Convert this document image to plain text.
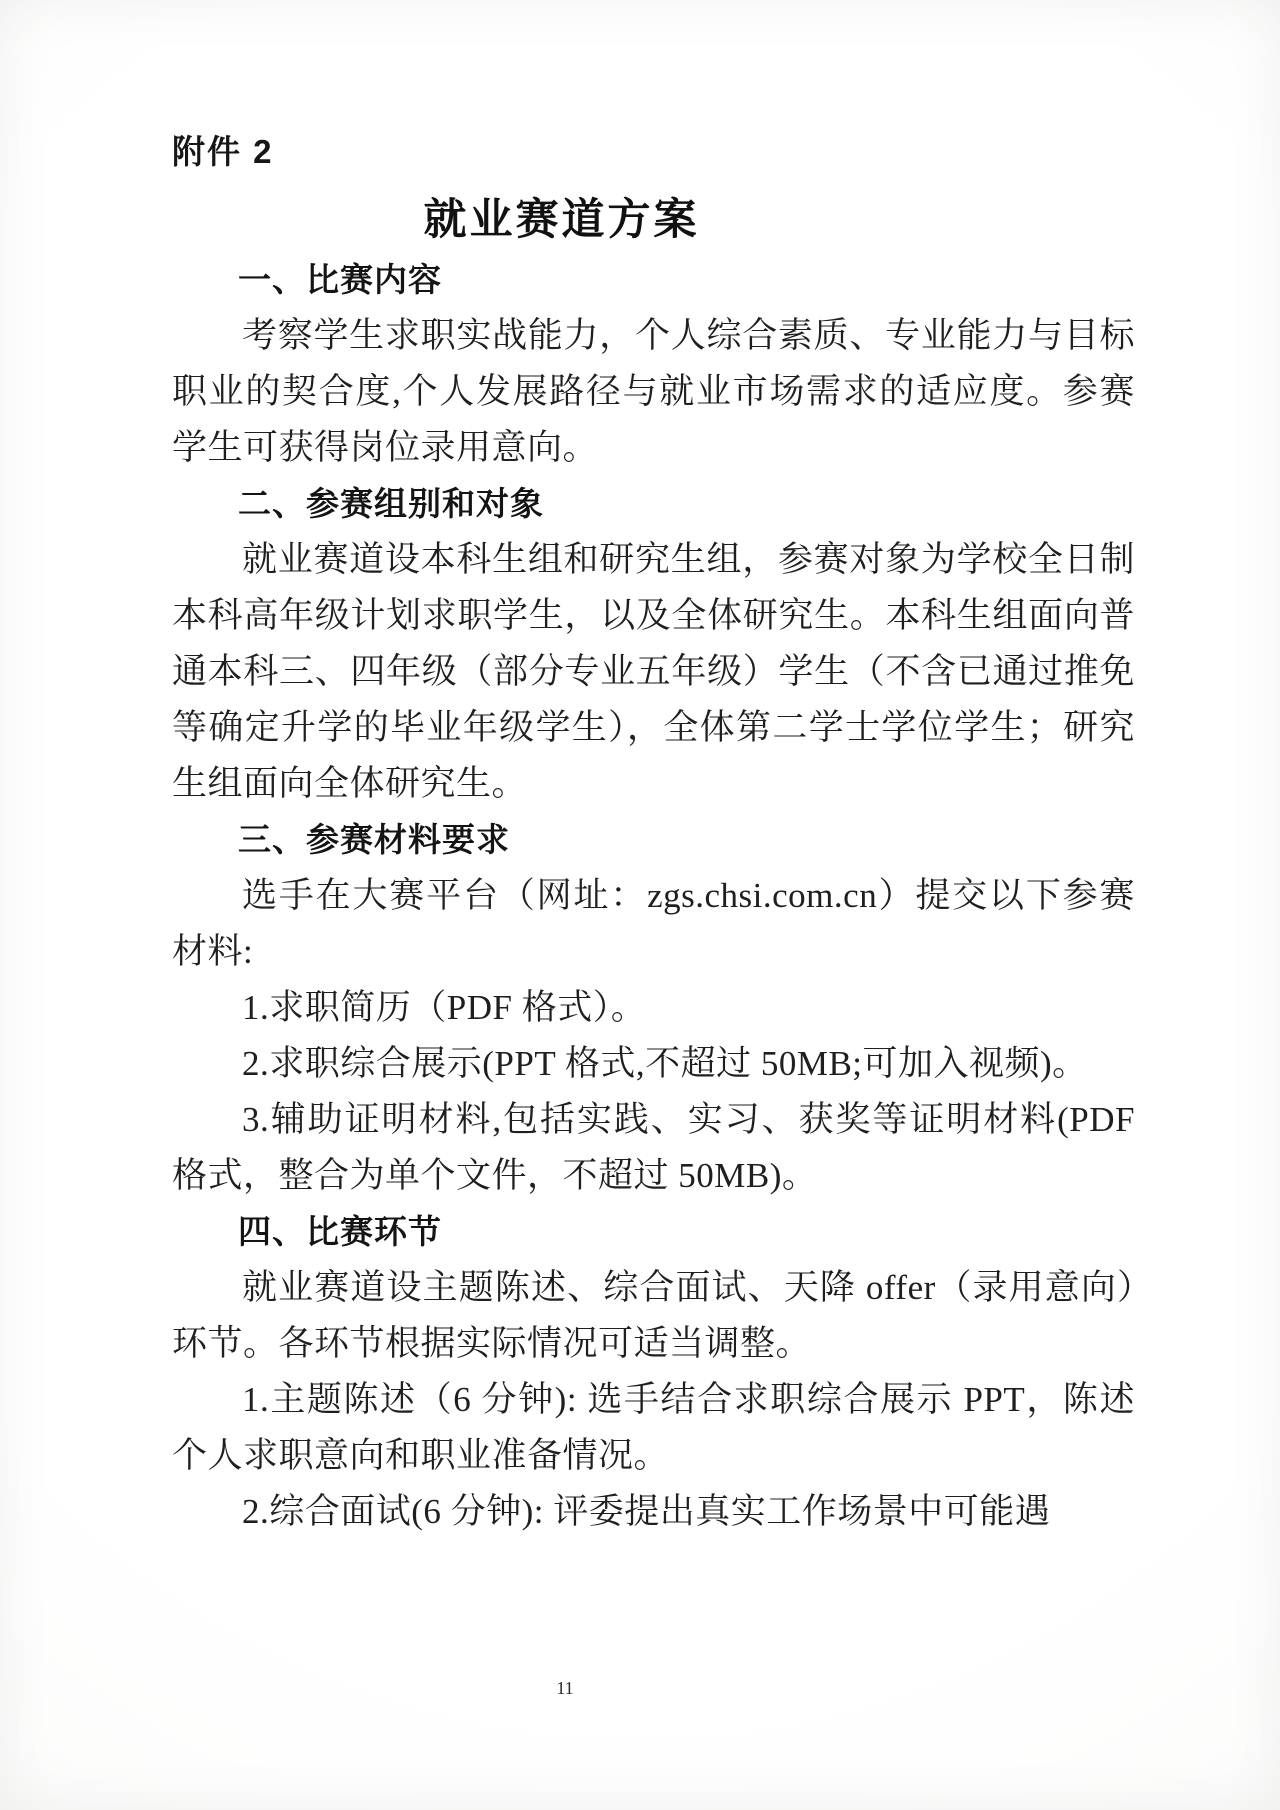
附件 2
就业赛道方案
一、比赛内容

考察学生求职实战能力，个人综合素质、专业能力与目标职业的契合度,个人发展路径与就业市场需求的适应度。参赛学生可获得岗位录用意向。

二、参赛组别和对象

就业赛道设本科生组和研究生组，参赛对象为学校全日制本科高年级计划求职学生，以及全体研究生。本科生组面向普通本科三、四年级（部分专业五年级）学生（不含已通过推免等确定升学的毕业年级学生），全体第二学士学位学生；研究生组面向全体研究生。

三、参赛材料要求

选手在大赛平台（网址：zgs.chsi.com.cn）提交以下参赛材料:

1.求职简历（PDF 格式）。

2.求职综合展示(PPT 格式,不超过 50MB;可加入视频)。

3.辅助证明材料,包括实践、实习、获奖等证明材料(PDF 格式，整合为单个文件，不超过 50MB)。

四、比赛环节

就业赛道设主题陈述、综合面试、天降 offer（录用意向）环节。各环节根据实际情况可适当调整。

1.主题陈述（6 分钟): 选手结合求职综合展示 PPT，陈述个人求职意向和职业准备情况。

2.综合面试(6 分钟): 评委提出真实工作场景中可能遇

11
